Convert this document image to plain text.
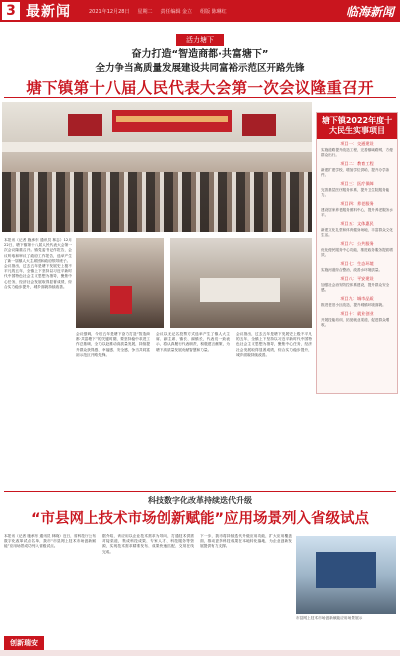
3 最新闻	2021年12月28日 星期二 责任编辑 金立 组版 陈琳红	临海新闻
活力塘下
奋力打造“智造商都·共富塘下”
全力争当高质量发展建设共同富裕示范区开路先锋
塘下镇第十八届人民代表大会第一次会议隆重召开
塘下镇2022年度十大民生实事项目
项目一：交通建设
实施道路提升改造工程，完善镇域路网，方便群众出行。
项目二：教育工程
新建扩建学校，增加学位供给，提升办学条件。
项目三：医疗保障
完善基层医疗服务体系，提升卫生院服务能力。
项目四：养老服务
建设居家养老服务照料中心，提升养老服务水平。
项目五：文体惠民
新建文化礼堂和体育健身场地，丰富群众文化生活。
项目六：公共服务
优化便民服务中心功能，推进政务服务提质增效。
项目七：生态环境
实施河道综合整治，改善水环境质量。
项目八：平安建设
加强社会治安防控体系建设，提升群众安全感。
项目九：城市品质
推进老旧小区改造，提升城镇环境面貌。
项目十：就业创业
开展技能培训，拓宽就业渠道，促进群众增收。

本报讯（记者 施承东 通讯员 林志）12月22日，塘下镇第十八届人民代表大会第一次会议隆重召开。镇党委书记作报告，会议听取和审议了政府工作报告，选举产生了新一届镇人大主席团和政府领导班子。

会议指出，过去五年是塘下发展史上极不平凡的五年，全镇上下坚持以习近平新时代中国特色社会主义思想为指导，聚焦中心任务，经济社会发展取得显著成绩，综合实力稳步提升，城乡面貌持续改善。

会议强调，今后五年是塘下奋力打造“智造商都·共富塘下”的关键时期，要坚持稳中求进工作总基调，全力以赴推动高质量发展，持续提升群众获得感、幸福感、安全感，争当共同富裕示范区开路先锋。

会议以无记名投票方式选举产生了镇人大主席、副主席、镇长、副镇长，代表们一致表示，将认真履行代表职责，积极建言献策，为塘下高质量发展贡献智慧和力量。

会议指出，过去五年是塘下发展史上极不平凡的五年，全镇上下坚持以习近平新时代中国特色社会主义思想为指导，聚焦中心任务，经济社会发展取得显著成绩，综合实力稳步提升，城乡面貌持续改善。

科技数字化改革持续迭代升级
“市县网上技术市场创新赋能”应用场景列入省级试点

本报讯（记者 施承东 通讯员 林晓）近日，省科技厅公布数字化改革试点名单，我市“市县网上技术市场创新赋能”应用场景成功列入省级试点。

据介绍，该应用以企业技术需求为导向，打通技术供需对接渠道，集成科技成果、专家人才、科技服务等资源，实现技术需求精准发布、成果快速匹配、交易在线完成。

下一步，我市将持续迭代升级应用功能，扩大应用覆盖面，推动更多科技成果在本地转化落地，为企业创新发展提供有力支撑。

市县网上技术市场创新赋能应用场景展示
创新瑞安
